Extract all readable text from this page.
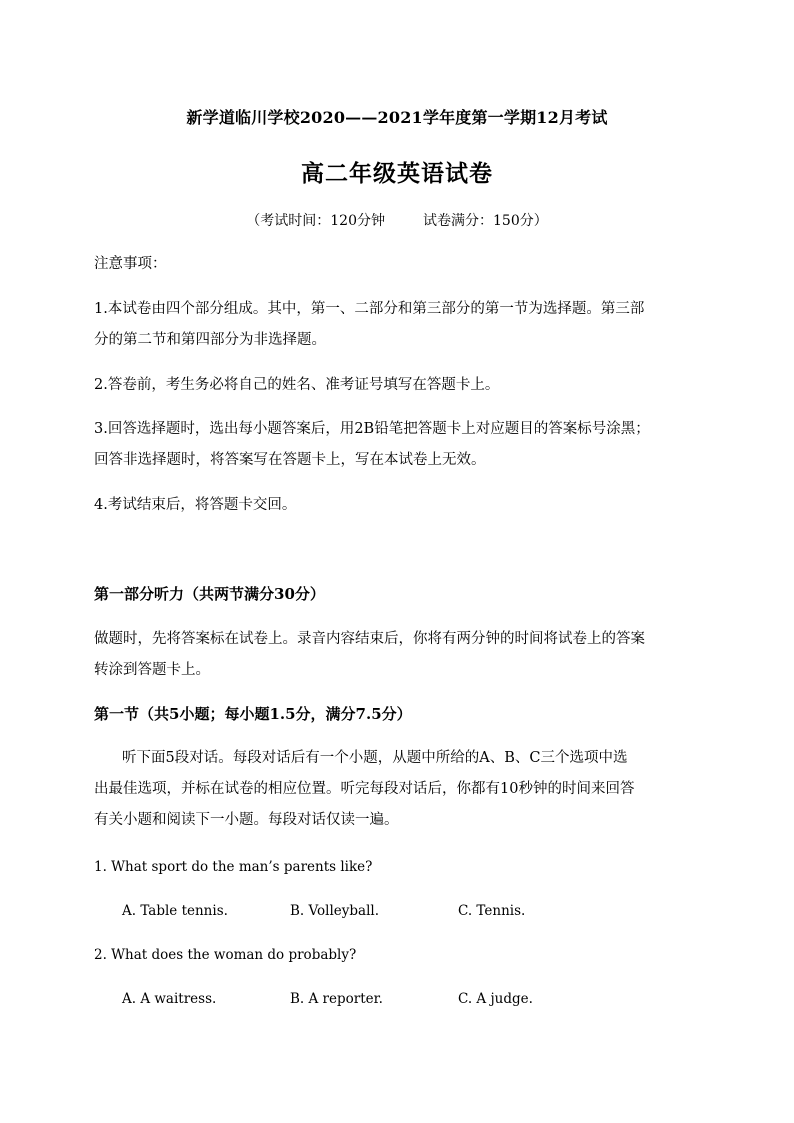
新学道临川学校2020——2021学年度第一学期12月考试
高二年级英语试卷
（考试时间：120分钟	试卷满分：150分）
注意事项：
1.本试卷由四个部分组成。其中，第一、二部分和第三部分的第一节为选择题。第三部
分的第二节和第四部分为非选择题。
2.答卷前，考生务必将自己的姓名、准考证号填写在答题卡上。
3.回答选择题时，选出每小题答案后，用2B铅笔把答题卡上对应题目的答案标号涂黑；
回答非选择题时，将答案写在答题卡上，写在本试卷上无效。
4.考试结束后，将答题卡交回。
第一部分听力（共两节满分30分）
做题时，先将答案标在试卷上。录音内容结束后，你将有两分钟的时间将试卷上的答案
转涂到答题卡上。
第一节（共5小题；每小题1.5分，满分7.5分）
听下面5段对话。每段对话后有一个小题，从题中所给的A、B、C三个选项中选
出最佳选项，并标在试卷的相应位置。听完每段对话后，你都有10秒钟的时间来回答
有关小题和阅读下一小题。每段对话仅读一遍。
1. What sport do the man’s parents like?
A. Table tennis.	B. Volleyball.	C. Tennis.
2. What does the woman do probably?
A. A waitress.	B. A reporter.	C. A judge.
